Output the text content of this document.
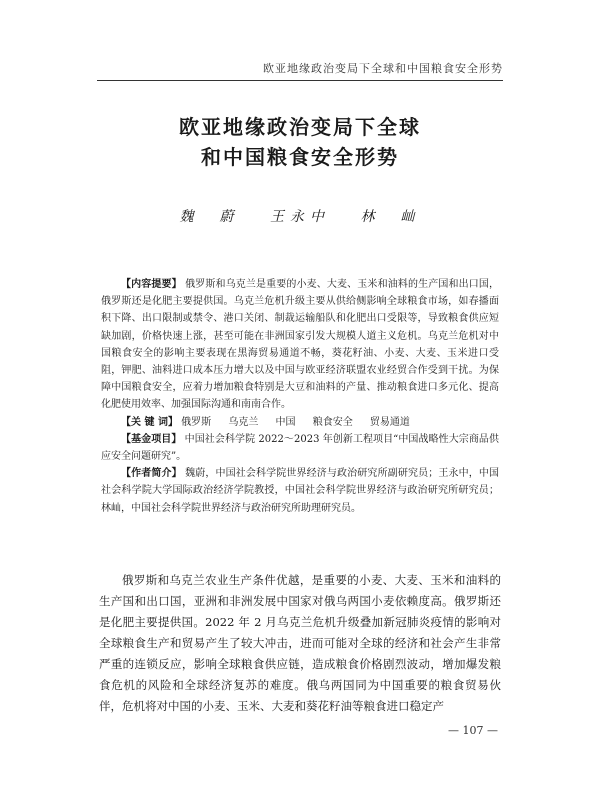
欧亚地缘政治变局下全球和中国粮食安全形势
欧亚地缘政治变局下全球
和中国粮食安全形势
魏　蔚 王永中 林　屾

【内容提要】 俄罗斯和乌克兰是重要的小麦、大麦、玉米和油料的生产国和出口国，俄罗斯还是化肥主要提供国。乌克兰危机升级主要从供给侧影响全球粮食市场，如春播面积下降、出口限制或禁令、港口关闭、制裁运输船队和化肥出口受限等，导致粮食供应短缺加剧，价格快速上涨，甚至可能在非洲国家引发大规模人道主义危机。乌克兰危机对中国粮食安全的影响主要表现在黑海贸易通道不畅，葵花籽油、小麦、大麦、玉米进口受阻，钾肥、油料进口成本压力增大以及中国与欧亚经济联盟农业经贸合作受到干扰。为保障中国粮食安全，应着力增加粮食特别是大豆和油料的产量、推动粮食进口多元化、提高化肥使用效率、加强国际沟通和南南合作。

【关 键 词】 俄罗斯 乌克兰 中国 粮食安全 贸易通道

【基金项目】 中国社会科学院 2022～2023 年创新工程项目“中国战略性大宗商品供应安全问题研究”。

【作者简介】 魏蔚，中国社会科学院世界经济与政治研究所副研究员；王永中，中国社会科学院大学国际政治经济学院教授，中国社会科学院世界经济与政治研究所研究员；林屾，中国社会科学院世界经济与政治研究所助理研究员。

俄罗斯和乌克兰农业生产条件优越，是重要的小麦、大麦、玉米和油料的生产国和出口国，亚洲和非洲发展中国家对俄乌两国小麦依赖度高。俄罗斯还是化肥主要提供国。2022 年 2 月乌克兰危机升级叠加新冠肺炎疫情的影响对全球粮食生产和贸易产生了较大冲击，进而可能对全球的经济和社会产生非常严重的连锁反应，影响全球粮食供应链，造成粮食价格剧烈波动，增加爆发粮食危机的风险和全球经济复苏的难度。俄乌两国同为中国重要的粮食贸易伙伴，危机将对中国的小麦、玉米、大麦和葵花籽油等粮食进口稳定产

— 107 —
